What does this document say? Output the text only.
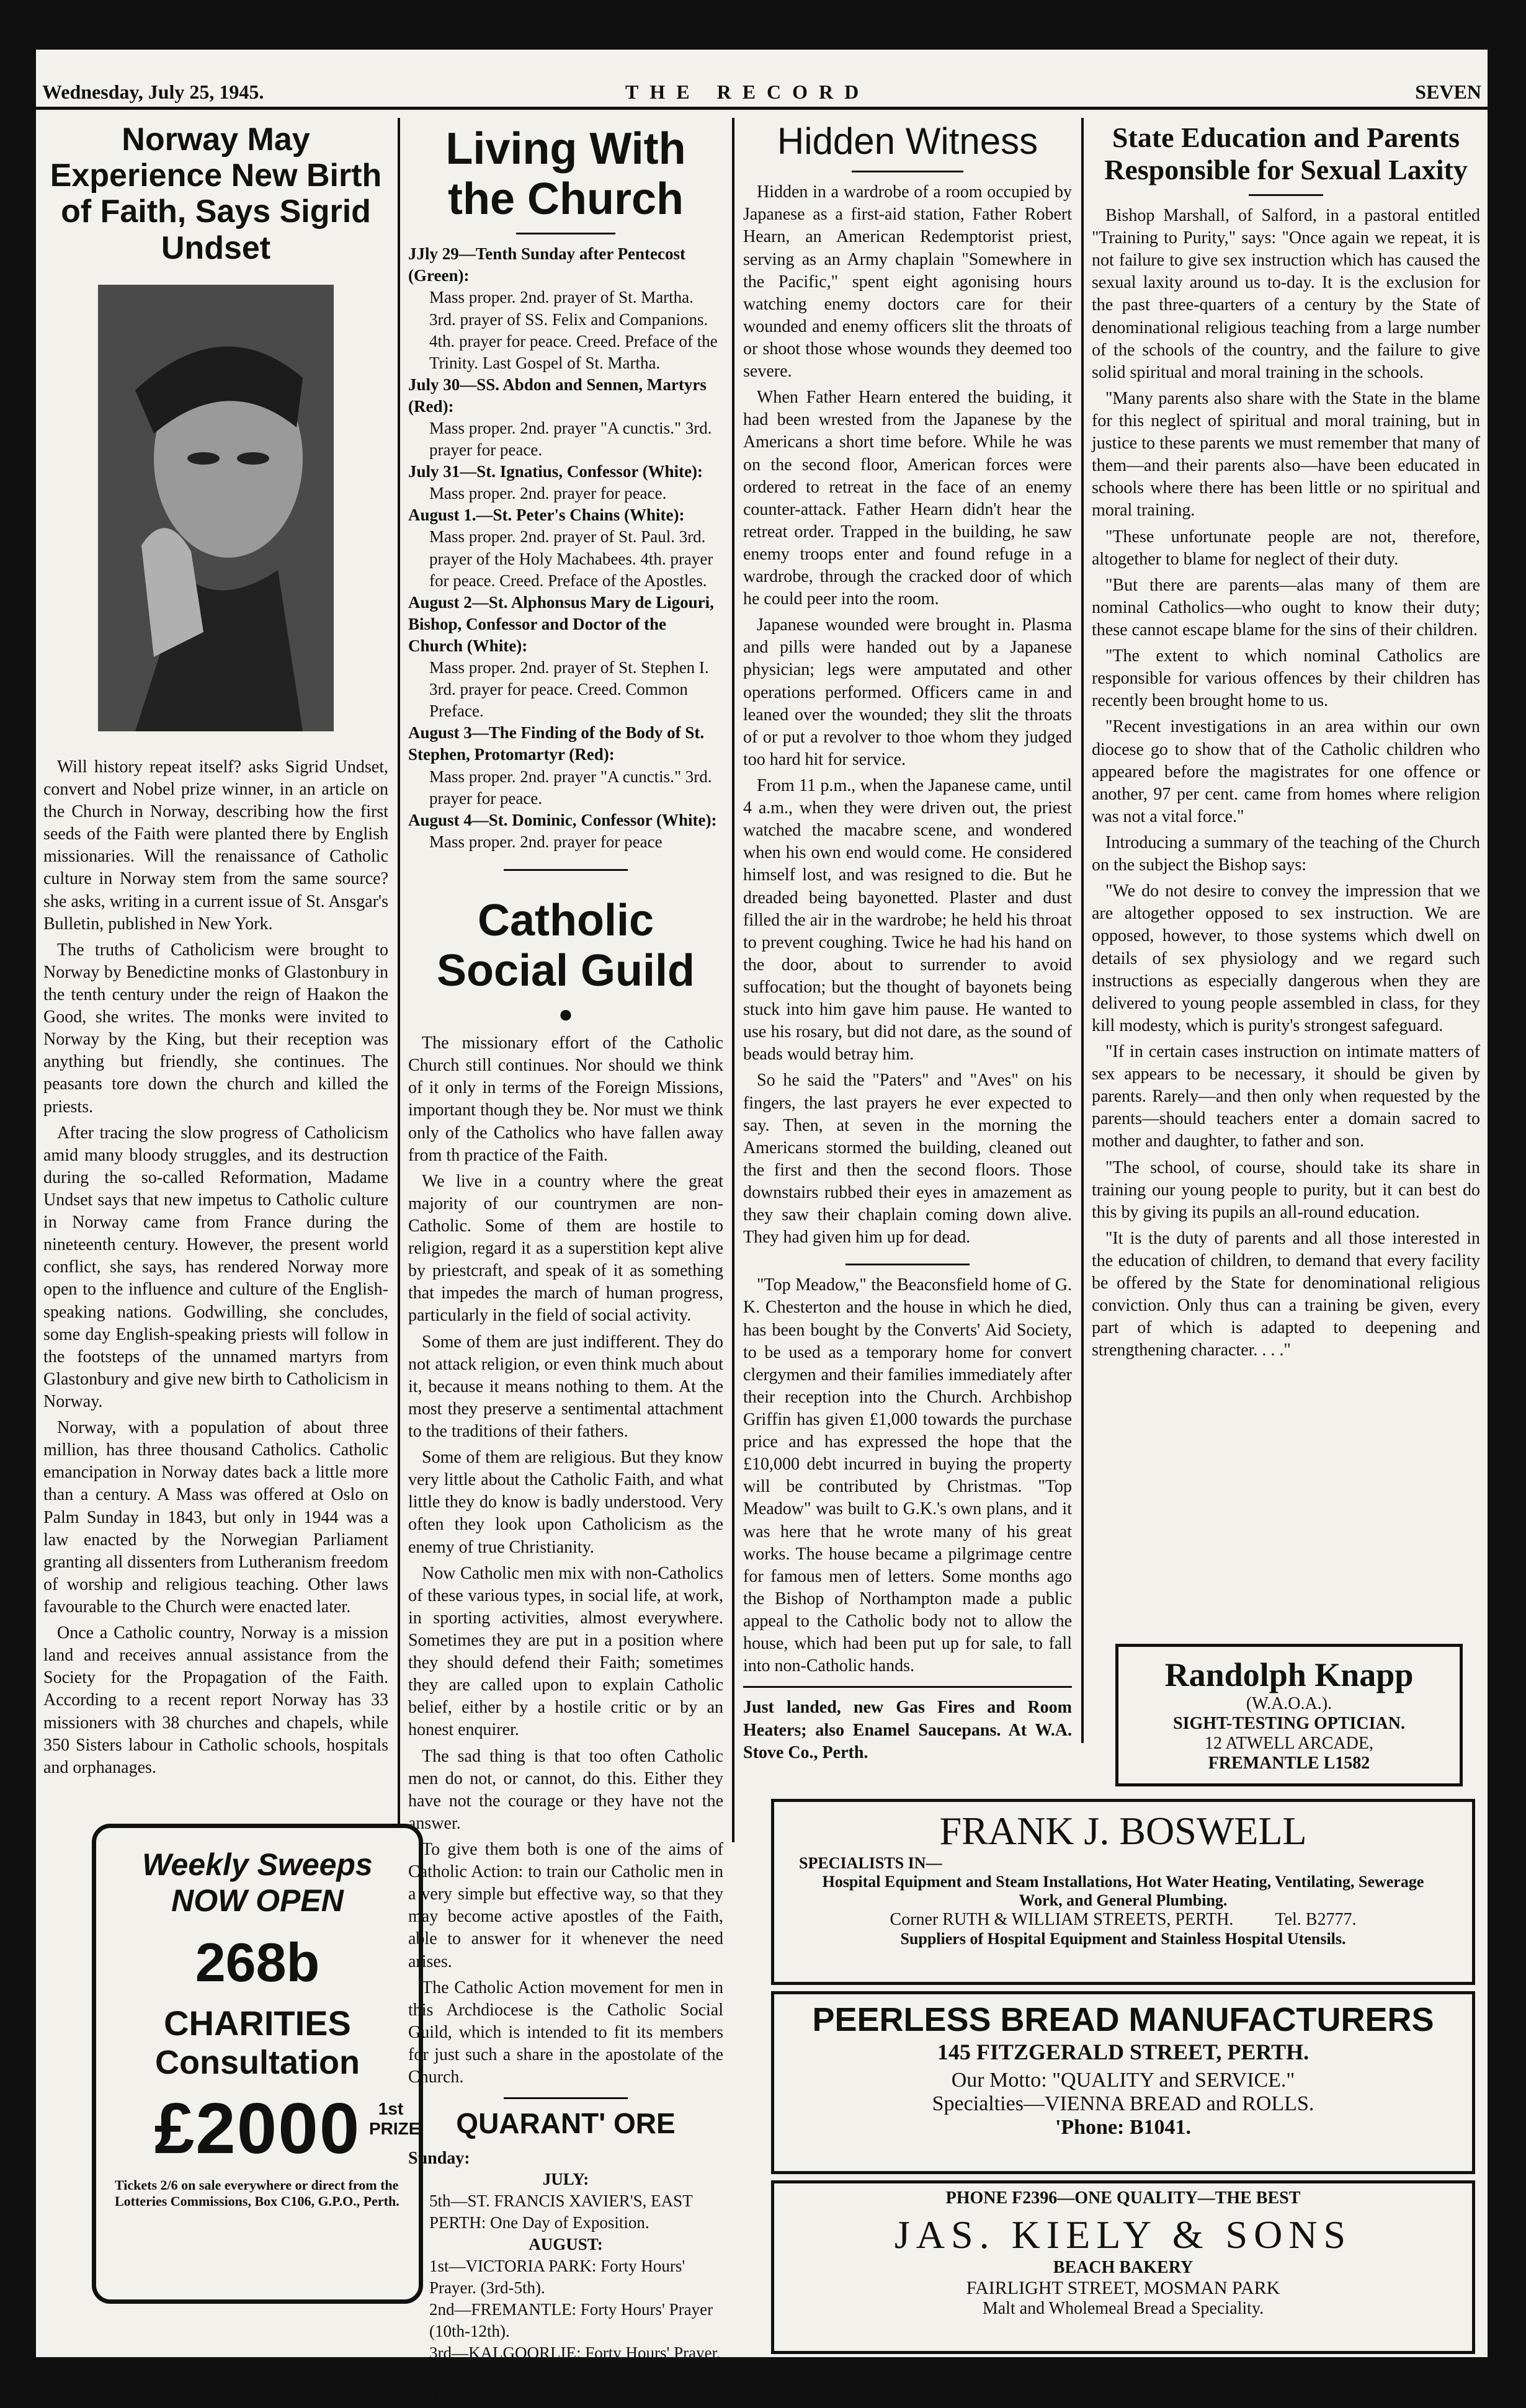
Wednesday, July 25, 1945.	THE RECORD	SEVEN
Norway May Experience New Birth of Faith, Says Sigrid Undset

Will history repeat itself? asks Sigrid Undset, convert and Nobel prize winner, in an article on the Church in Norway, describing how the first seeds of the Faith were planted there by English missionaries. Will the renaissance of Catholic culture in Norway stem from the same source? she asks, writing in a current issue of St. Ansgar's Bulletin, published in New York.

The truths of Catholicism were brought to Norway by Benedictine monks of Glastonbury in the tenth century under the reign of Haakon the Good, she writes. The monks were invited to Norway by the King, but their reception was anything but friendly, she continues. The peasants tore down the church and killed the priests.

After tracing the slow progress of Catholicism amid many bloody struggles, and its destruction during the so-called Reformation, Madame Undset says that new impetus to Catholic culture in Norway came from France during the nineteenth century. However, the present world conflict, she says, has rendered Norway more open to the influence and culture of the English-speaking nations. Godwilling, she concludes, some day English-speaking priests will follow in the footsteps of the unnamed martyrs from Glastonbury and give new birth to Catholicism in Norway.

Norway, with a population of about three million, has three thousand Catholics. Catholic emancipation in Norway dates back a little more than a century. A Mass was offered at Oslo on Palm Sunday in 1843, but only in 1944 was a law enacted by the Norwegian Parliament granting all dissenters from Lutheranism freedom of worship and religious teaching. Other laws favourable to the Church were enacted later.

Once a Catholic country, Norway is a mission land and receives annual assistance from the Society for the Propagation of the Faith. According to a recent report Norway has 33 missioners with 38 churches and chapels, while 350 Sisters labour in Catholic schools, hospitals and orphanages.

Weekly Sweeps
NOW OPEN
268b
CHARITIES
Consultation
£2000	1st PRIZE
Tickets 2/6 on sale everywhere or direct from the Lotteries Commissions, Box C106, G.P.O., Perth.
Living With the Church

JJly 29—Tenth Sunday after Pentecost (Green):

Mass proper. 2nd. prayer of St. Martha. 3rd. prayer of SS. Felix and Companions. 4th. prayer for peace. Creed. Preface of the Trinity. Last Gospel of St. Martha.

July 30—SS. Abdon and Sennen, Martyrs (Red):

Mass proper. 2nd. prayer "A cunctis." 3rd. prayer for peace.

July 31—St. Ignatius, Confessor (White):

Mass proper. 2nd. prayer for peace.

August 1.—St. Peter's Chains (White):

Mass proper. 2nd. prayer of St. Paul. 3rd. prayer of the Holy Machabees. 4th. prayer for peace. Creed. Preface of the Apostles.

August 2—St. Alphonsus Mary de Ligouri, Bishop, Confessor and Doctor of the Church (White):

Mass proper. 2nd. prayer of St. Stephen I. 3rd. prayer for peace. Creed. Common Preface.

August 3—The Finding of the Body of St. Stephen, Protomartyr (Red):

Mass proper. 2nd. prayer "A cunctis." 3rd. prayer for peace.

August 4—St. Dominic, Confessor (White):

Mass proper. 2nd. prayer for peace

Catholic Social Guild
●

The missionary effort of the Catholic Church still continues. Nor should we think of it only in terms of the Foreign Missions, important though they be. Nor must we think only of the Catholics who have fallen away from th practice of the Faith.

We live in a country where the great majority of our countrymen are non-Catholic. Some of them are hostile to religion, regard it as a superstition kept alive by priestcraft, and speak of it as something that impedes the march of human progress, particularly in the field of social activity.

Some of them are just indifferent. They do not attack religion, or even think much about it, because it means nothing to them. At the most they preserve a sentimental attachment to the traditions of their fathers.

Some of them are religious. But they know very little about the Catholic Faith, and what little they do know is badly understood. Very often they look upon Catholicism as the enemy of true Christianity.

Now Catholic men mix with non-Catholics of these various types, in social life, at work, in sporting activities, almost everywhere. Sometimes they are put in a position where they should defend their Faith; sometimes they are called upon to explain Catholic belief, either by a hostile critic or by an honest enquirer.

The sad thing is that too often Catholic men do not, or cannot, do this. Either they have not the courage or they have not the answer.

To give them both is one of the aims of Catholic Action: to train our Catholic men in a very simple but effective way, so that they may become active apostles of the Faith, able to answer for it whenever the need arises.

The Catholic Action movement for men in this Archdiocese is the Catholic Social Guild, which is intended to fit its members for just such a share in the apostolate of the Church.

QUARANT' ORE
Sunday:

JULY:

5th—ST. FRANCIS XAVIER'S, EAST PERTH: One Day of Exposition.

AUGUST:

1st—VICTORIA PARK: Forty Hours' Prayer. (3rd-5th).

2nd—FREMANTLE: Forty Hours' Prayer (10th-12th).

3rd—KALGOORLIE: Forty Hours' Prayer. (17th-19th).

DONNYBROOK: One Day of Exposition.

Hidden Witness

Hidden in a wardrobe of a room occupied by Japanese as a first-aid station, Father Robert Hearn, an American Redemptorist priest, serving as an Army chaplain "Somewhere in the Pacific," spent eight agonising hours watching enemy doctors care for their wounded and enemy officers slit the throats of or shoot those whose wounds they deemed too severe.

When Father Hearn entered the buiding, it had been wrested from the Japanese by the Americans a short time before. While he was on the second floor, American forces were ordered to retreat in the face of an enemy counter-attack. Father Hearn didn't hear the retreat order. Trapped in the building, he saw enemy troops enter and found refuge in a wardrobe, through the cracked door of which he could peer into the room.

Japanese wounded were brought in. Plasma and pills were handed out by a Japanese physician; legs were amputated and other operations performed. Officers came in and leaned over the wounded; they slit the throats of or put a revolver to thoe whom they judged too hard hit for service.

From 11 p.m., when the Japanese came, until 4 a.m., when they were driven out, the priest watched the macabre scene, and wondered when his own end would come. He considered himself lost, and was resigned to die. But he dreaded being bayonetted. Plaster and dust filled the air in the wardrobe; he held his throat to prevent coughing. Twice he had his hand on the door, about to surrender to avoid suffocation; but the thought of bayonets being stuck into him gave him pause. He wanted to use his rosary, but did not dare, as the sound of beads would betray him.

So he said the "Paters" and "Aves" on his fingers, the last prayers he ever expected to say. Then, at seven in the morning the Americans stormed the building, cleaned out the first and then the second floors. Those downstairs rubbed their eyes in amazement as they saw their chaplain coming down alive. They had given him up for dead.

"Top Meadow," the Beaconsfield home of G. K. Chesterton and the house in which he died, has been bought by the Converts' Aid Society, to be used as a temporary home for convert clergymen and their families immediately after their reception into the Church. Archbishop Griffin has given £1,000 towards the purchase price and has expressed the hope that the £10,000 debt incurred in buying the property will be contributed by Christmas. "Top Meadow" was built to G.K.'s own plans, and it was here that he wrote many of his great works. The house became a pilgrimage centre for famous men of letters. Some months ago the Bishop of Northampton made a public appeal to the Catholic body not to allow the house, which had been put up for sale, to fall into non-Catholic hands.

Just landed, new Gas Fires and Room Heaters; also Enamel Saucepans. At W.A. Stove Co., Perth.
State Education and Parents Responsible for Sexual Laxity

Bishop Marshall, of Salford, in a pastoral entitled "Training to Purity," says: "Once again we repeat, it is not failure to give sex instruction which has caused the sexual laxity around us to-day. It is the exclusion for the past three-quarters of a century by the State of denominational religious teaching from a large number of the schools of the country, and the failure to give solid spiritual and moral training in the schools.

"Many parents also share with the State in the blame for this neglect of spiritual and moral training, but in justice to these parents we must remember that many of them—and their parents also—have been educated in schools where there has been little or no spiritual and moral training.

"These unfortunate people are not, therefore, altogether to blame for neglect of their duty.

"But there are parents—alas many of them are nominal Catholics—who ought to know their duty; these cannot escape blame for the sins of their children.

"The extent to which nominal Catholics are responsible for various offences by their children has recently been brought home to us.

"Recent investigations in an area within our own diocese go to show that of the Catholic children who appeared before the magistrates for one offence or another, 97 per cent. came from homes where religion was not a vital force."

Introducing a summary of the teaching of the Church on the subject the Bishop says:

"We do not desire to convey the impression that we are altogether opposed to sex instruction. We are opposed, however, to those systems which dwell on details of sex physiology and we regard such instructions as especially dangerous when they are delivered to young people assembled in class, for they kill modesty, which is purity's strongest safeguard.

"If in certain cases instruction on intimate matters of sex appears to be necessary, it should be given by parents. Rarely—and then only when requested by the parents—should teachers enter a domain sacred to mother and daughter, to father and son.

"The school, of course, should take its share in training our young people to purity, but it can best do this by giving its pupils an all-round education.

"It is the duty of parents and all those interested in the education of children, to demand that every facility be offered by the State for denominational religious conviction. Only thus can a training be given, every part of which is adapted to deepening and strengthening character. . . ."

Randolph Knapp
(W.A.O.A.).
SIGHT-TESTING OPTICIAN.
12 ATWELL ARCADE,
FREMANTLE L1582
FRANK J. BOSWELL
SPECIALISTS IN—
Hospital Equipment and Steam Installations, Hot Water Heating, Ventilating, Sewerage Work, and General Plumbing.
Corner RUTH & WILLIAM STREETS, PERTH. Tel. B2777.
Suppliers of Hospital Equipment and Stainless Hospital Utensils.
PEERLESS BREAD MANUFACTURERS
145 FITZGERALD STREET, PERTH.
Our Motto: "QUALITY and SERVICE."
Specialties—VIENNA BREAD and ROLLS.
'Phone: B1041.
PHONE F2396—ONE QUALITY—THE BEST
JAS. KIELY & SONS
BEACH BAKERY
FAIRLIGHT STREET, MOSMAN PARK
Malt and Wholemeal Bread a Speciality.
